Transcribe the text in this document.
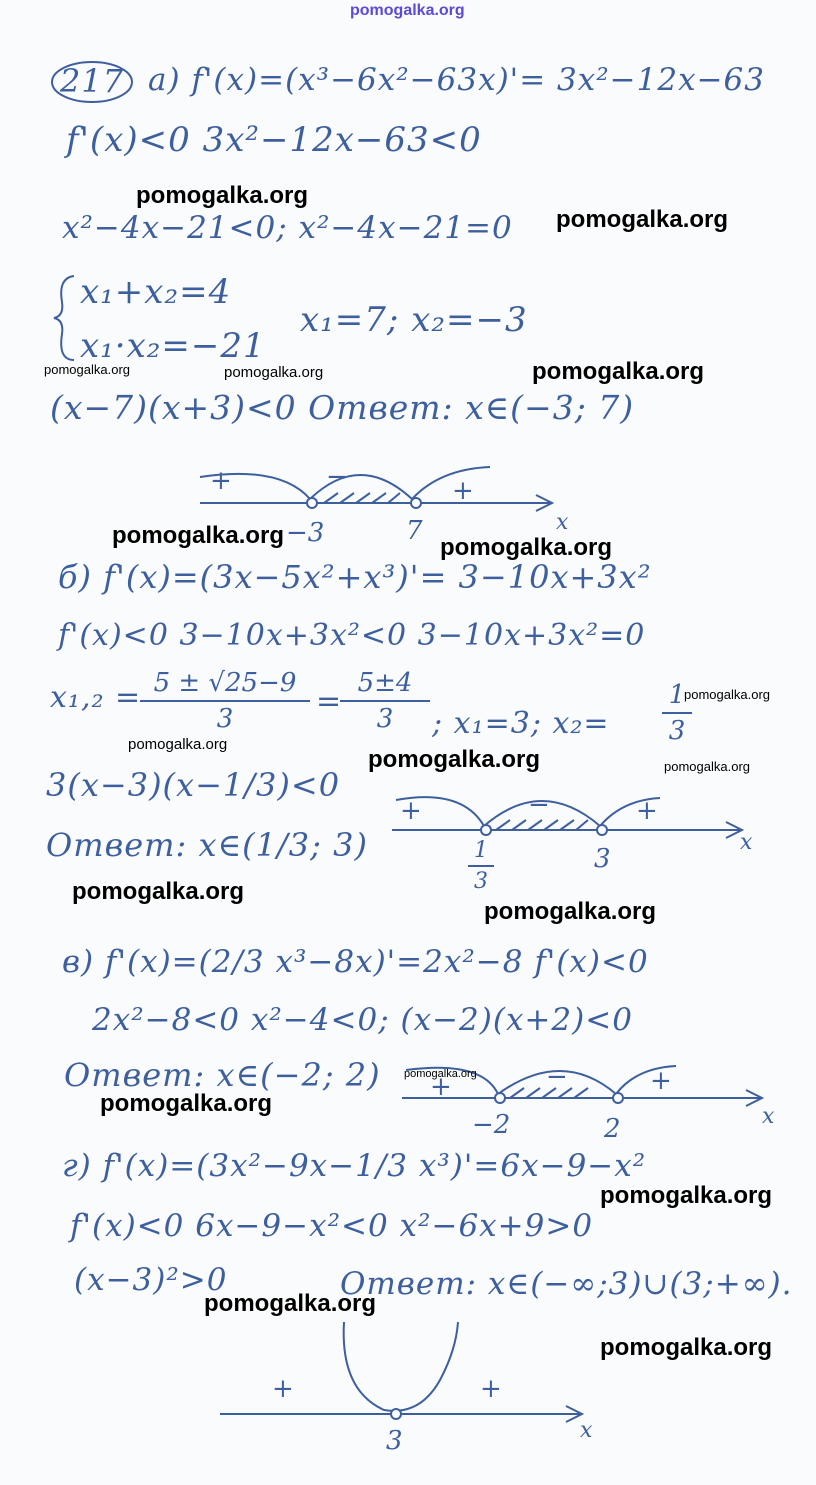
pomogalka.org
217 а) f'(x)=(x³−6x²−63x)'= 3x²−12x−63
f'(x)<0 3x²−12x−63<0
x²−4x−21<0; x²−4x−21=0
x₁+x₂=4
x₁·x₂=−21
x₁=7; x₂=−3
(x−7)(x+3)<0 Ответ: x∈(−3; 7)
+	−	+
−3	7	x
б) f'(x)=(3x−5x²+x³)'= 3−10x+3x²
f'(x)<0 3−10x+3x²<0 3−10x+3x²=0
x₁,₂ = 5 ± √25−9
3	=
5±4
3	; x₁=3; x₂=
1
3
3(x−3)(x−1/3)<0
Ответ: x∈(1/3; 3)
+	−	+
1
3
3
x
в) f'(x)=(2/3 x³−8x)'=2x²−8 f'(x)<0
2x²−8<0 x²−4<0; (x−2)(x+2)<0
Ответ: x∈(−2; 2) +	−	+
−2	2	x
г) f'(x)=(3x²−9x−1/3 x³)'=6x−9−x²
f'(x)<0 6x−9−x²<0 x²−6x+9>0
(x−3)²>0	Ответ: x∈(−∞;3)∪(3;+∞).
+	+
3	x
pomogalka.org
pomogalka.org
pomogalka.org	pomogalka.org	pomogalka.org
pomogalka.org	pomogalka.org
pomogalka.org
pomogalka.org
pomogalka.org	pomogalka.org
pomogalka.org
pomogalka.org
pomogalka.org
pomogalka.org
pomogalka.org
pomogalka.org
pomogalka.org
